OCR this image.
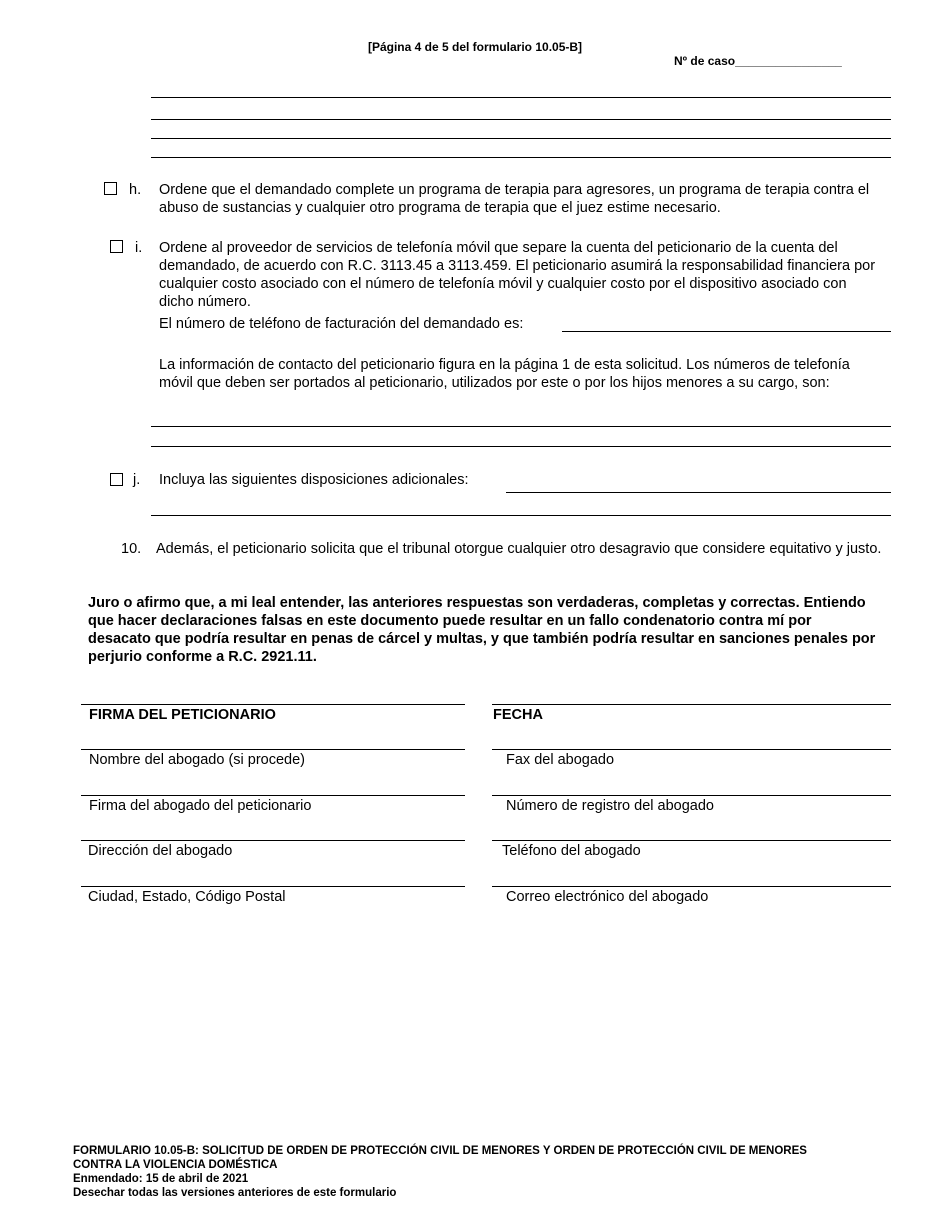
[Página 4 de 5 del formulario 10.05-B]
Nº de caso________________
h. Ordene que el demandado complete un programa de terapia para agresores, un programa de terapia contra el abuso de sustancias y cualquier otro programa de terapia que el juez estime necesario.
i. Ordene al proveedor de servicios de telefonía móvil que separe la cuenta del peticionario de la cuenta del demandado, de acuerdo con R.C. 3113.45 a 3113.459. El peticionario asumirá la responsabilidad financiera por cualquier costo asociado con el número de telefonía móvil y cualquier costo por el dispositivo asociado con dicho número.
El número de teléfono de facturación del demandado es:
La información de contacto del peticionario figura en la página 1 de esta solicitud. Los números de telefonía móvil que deben ser portados al peticionario, utilizados por este o por los hijos menores a su cargo, son:
j. Incluya las siguientes disposiciones adicionales:
10.	Además, el peticionario solicita que el tribunal otorgue cualquier otro desagravio que considere equitativo y justo.
Juro o afirmo que, a mi leal entender, las anteriores respuestas son verdaderas, completas y correctas. Entiendo que hacer declaraciones falsas en este documento puede resultar en un fallo condenatorio contra mí por desacato que podría resultar en penas de cárcel y multas, y que también podría resultar en sanciones penales por perjurio conforme a R.C. 2921.11.
FIRMA DEL PETICIONARIO
Nombre del abogado (si procede)
Firma del abogado del peticionario
Dirección del abogado
Ciudad, Estado, Código Postal
FECHA
Fax del abogado
Número de registro del abogado
Teléfono del abogado
Correo electrónico del abogado
FORMULARIO 10.05-B: SOLICITUD DE ORDEN DE PROTECCIÓN CIVIL DE MENORES Y ORDEN DE PROTECCIÓN CIVIL DE MENORES
CONTRA LA VIOLENCIA DOMÉSTICA
Enmendado: 15 de abril de 2021
Desechar todas las versiones anteriores de este formulario
